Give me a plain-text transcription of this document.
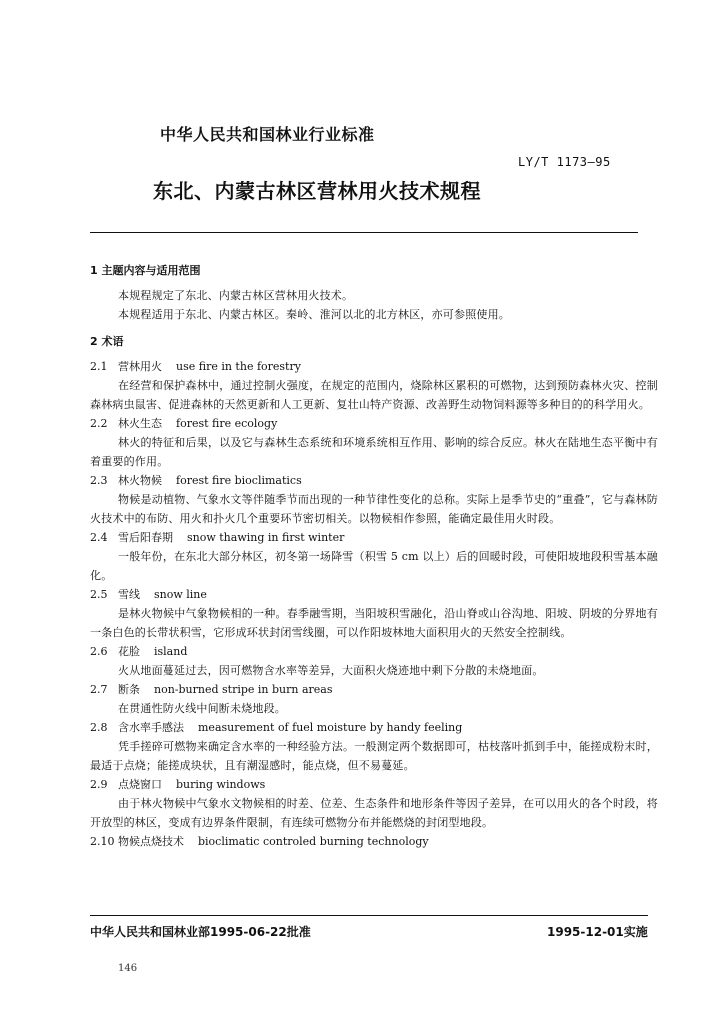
中华人民共和国林业行业标准
LY/T 1173—95
东北、内蒙古林区营林用火技术规程
1 主题内容与适用范围
本规程规定了东北、内蒙古林区营林用火技术。
本规程适用于东北、内蒙古林区。秦岭、淮河以北的北方林区，亦可参照使用。
2 术语
2.1 营林用火 use fire in the forestry
在经营和保护森林中，通过控制火强度，在规定的范围内，烧除林区累积的可燃物，达到预防森林火灾、控制森林病虫鼠害、促进森林的天然更新和人工更新、复壮山特产资源、改善野生动物饲料源等多种目的的科学用火。
2.2 林火生态 forest fire ecology
林火的特征和后果，以及它与森林生态系统和环境系统相互作用、影响的综合反应。林火在陆地生态平衡中有着重要的作用。
2.3 林火物候 forest fire bioclimatics
物候是动植物、气象水文等伴随季节而出现的一种节律性变化的总称。实际上是季节史的“重叠”，它与森林防火技术中的布防、用火和扑火几个重要环节密切相关。以物候相作参照，能确定最佳用火时段。
2.4 雪后阳春期 snow thawing in first winter
一般年份，在东北大部分林区，初冬第一场降雪（积雪 5 cm 以上）后的回暖时段，可使阳坡地段积雪基本融化。
2.5 雪线 snow line
是林火物候中气象物候相的一种。春季融雪期，当阳坡积雪融化，沿山脊或山谷沟地、阳坡、阴坡的分界地有一条白色的长带状积雪，它形成环状封闭雪线圈，可以作阳坡林地大面积用火的天然安全控制线。
2.6 花脸 island
火从地面蔓延过去，因可燃物含水率等差异，大面积火烧迹地中剩下分散的未烧地面。
2.7 断条 non-burned stripe in burn areas
在贯通性防火线中间断未烧地段。
2.8 含水率手感法 measurement of fuel moisture by handy feeling
凭手搓碎可燃物来确定含水率的一种经验方法。一般测定两个数据即可，枯枝落叶抓到手中，能搓成粉末时，最适于点烧；能搓成块状，且有潮湿感时，能点烧，但不易蔓延。
2.9 点烧窗口 buring windows
由于林火物候中气象水文物候相的时差、位差、生态条件和地形条件等因子差异，在可以用火的各个时段，将开放型的林区，变成有边界条件限制，有连续可燃物分布并能燃烧的封闭型地段。
2.10 物候点烧技术 bioclimatic controled burning technology
中华人民共和国林业部1995-06-22批准	1995-12-01实施
146
